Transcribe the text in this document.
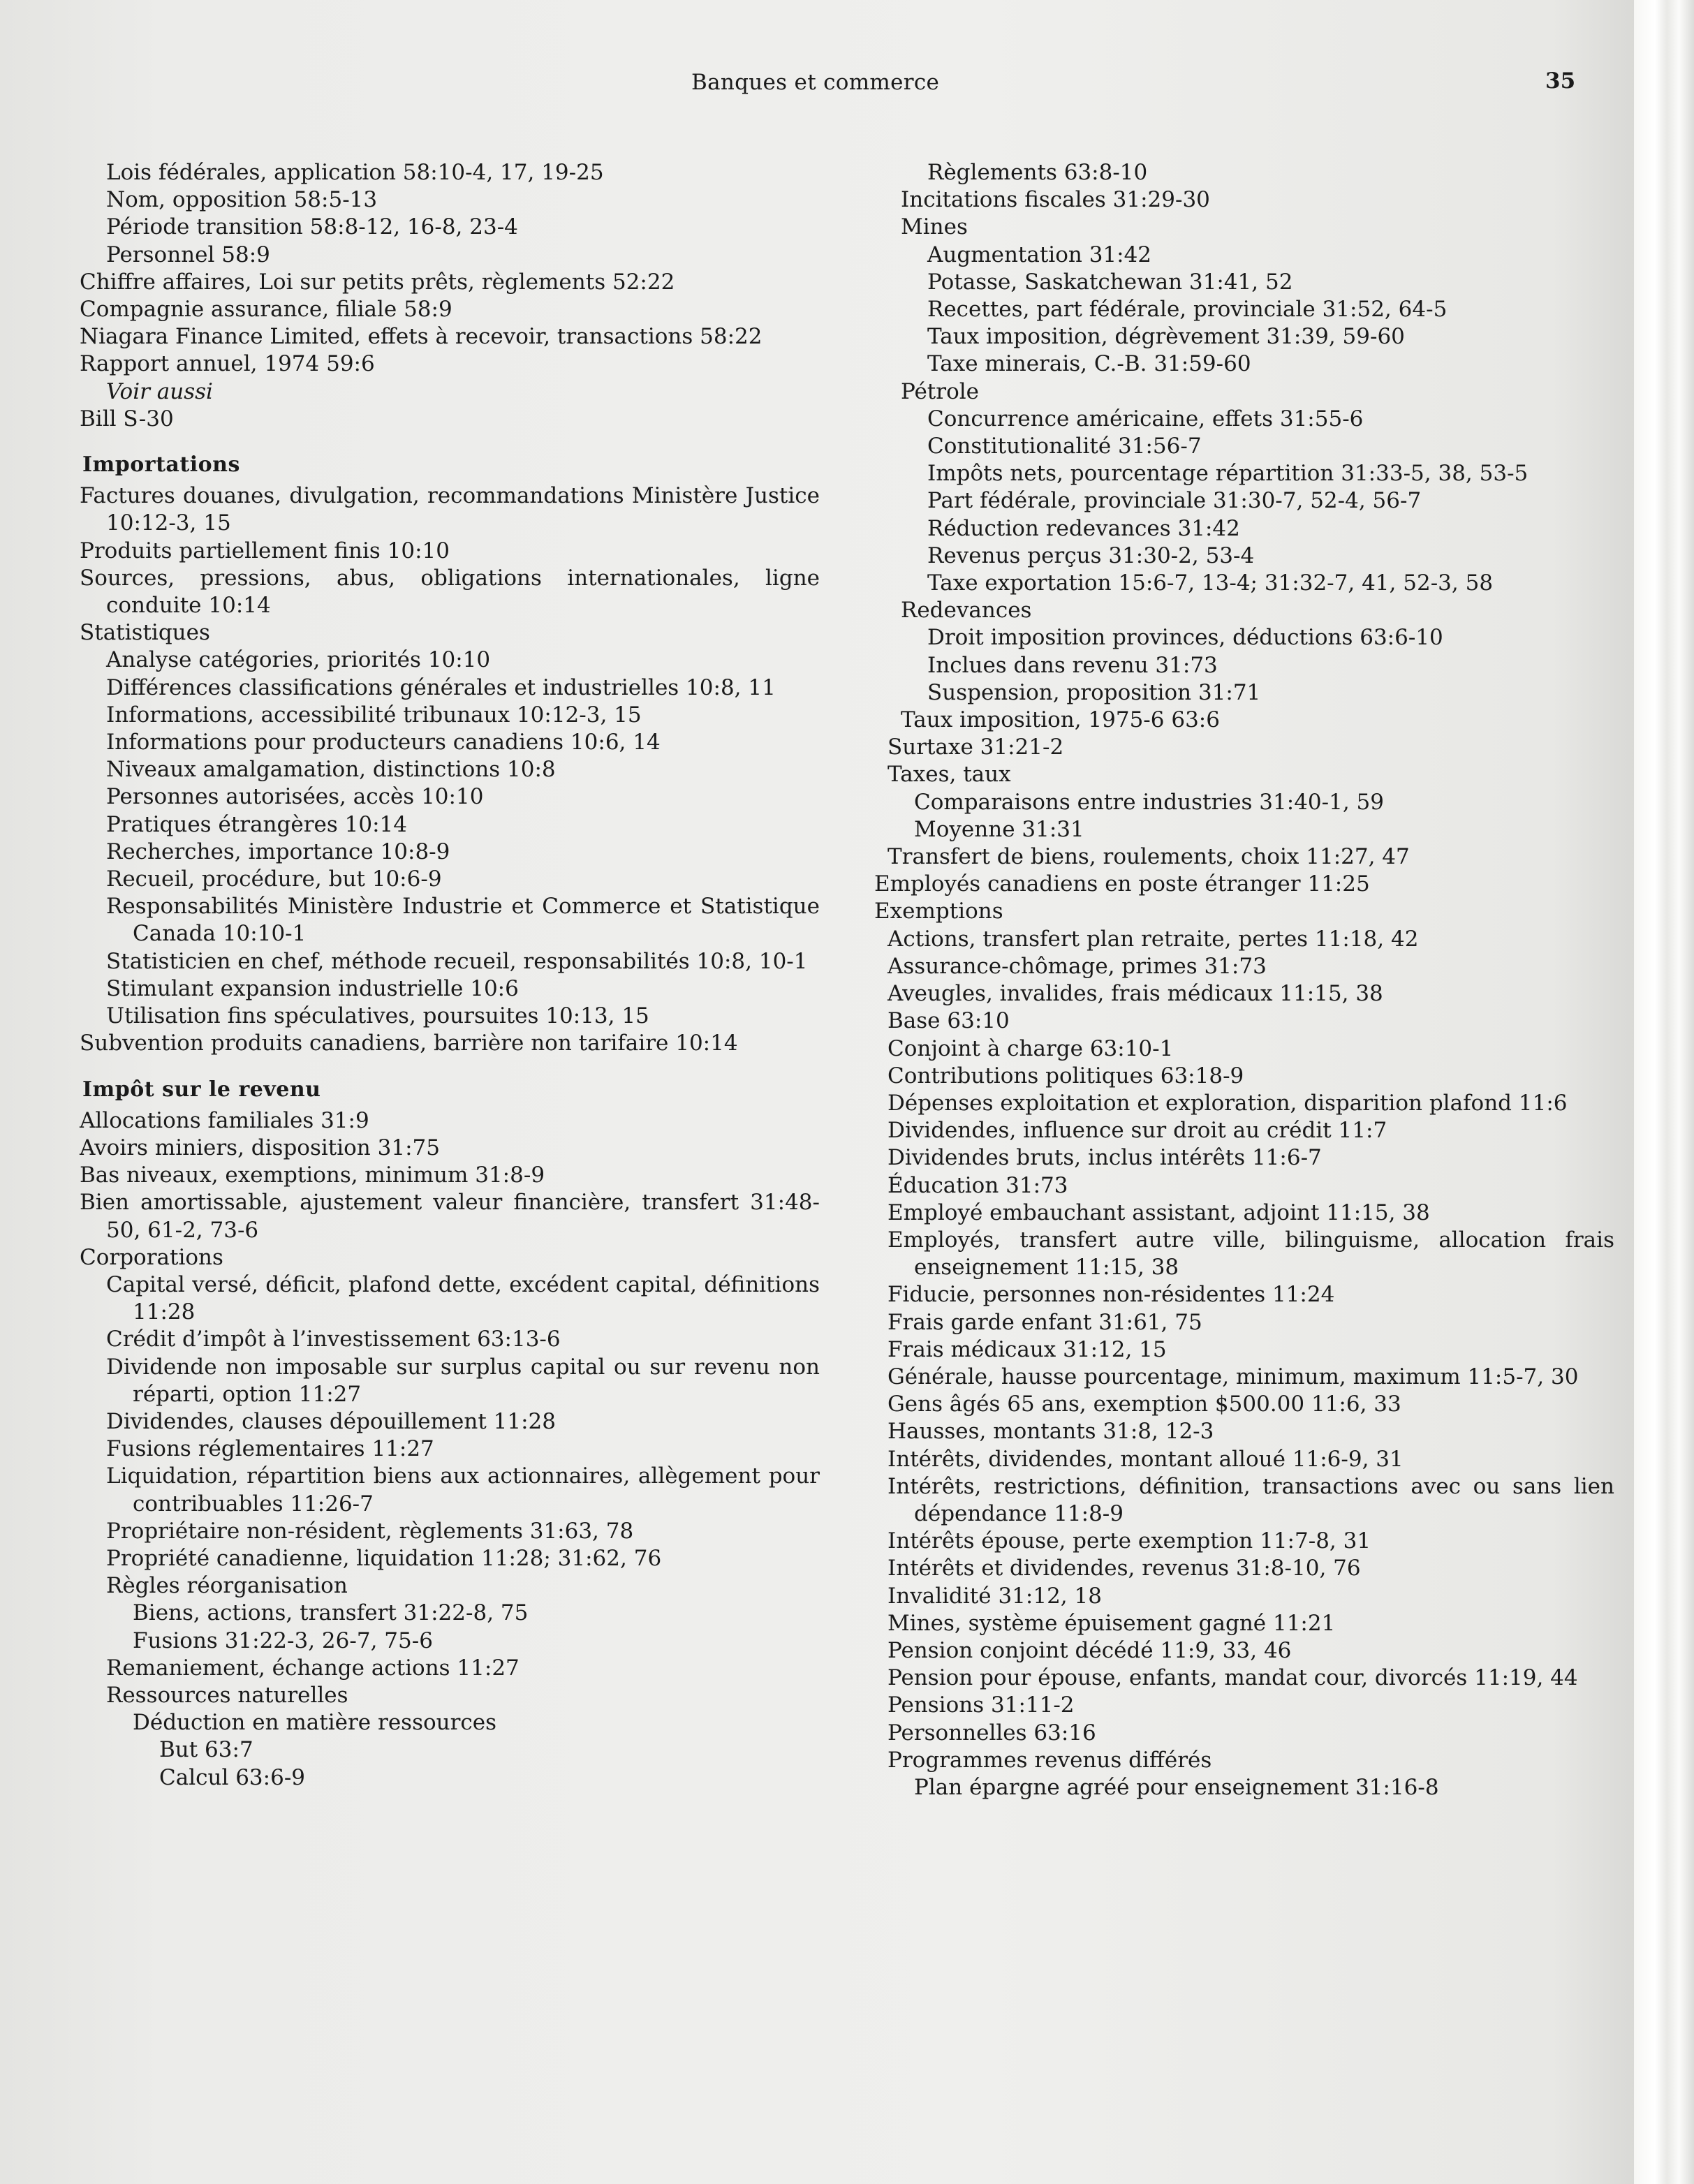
Banques et commerce	35
Lois fédérales, application 58:10-4, 17, 19-25
Nom, opposition 58:5-13
Période transition 58:8-12, 16-8, 23-4
Personnel 58:9
Chiffre affaires, Loi sur petits prêts, règlements 52:22
Compagnie assurance, filiale 58:9
Niagara Finance Limited, effets à recevoir, transactions 58:22
Rapport annuel, 1974 59:6
Voir aussi
Bill S-30
Importations
Factures douanes, divulgation, recommandations Ministère Justice 10:12-3, 15
Produits partiellement finis 10:10
Sources, pressions, abus, obligations internationales, ligne conduite 10:14
Statistiques
Analyse catégories, priorités 10:10
Différences classifications générales et industrielles 10:8, 11
Informations, accessibilité tribunaux 10:12-3, 15
Informations pour producteurs canadiens 10:6, 14
Niveaux amalgamation, distinctions 10:8
Personnes autorisées, accès 10:10
Pratiques étrangères 10:14
Recherches, importance 10:8-9
Recueil, procédure, but 10:6-9
Responsabilités Ministère Industrie et Commerce et Statistique Canada 10:10-1
Statisticien en chef, méthode recueil, responsabilités 10:8, 10-1
Stimulant expansion industrielle 10:6
Utilisation fins spéculatives, poursuites 10:13, 15
Subvention produits canadiens, barrière non tarifaire 10:14
Impôt sur le revenu
Allocations familiales 31:9
Avoirs miniers, disposition 31:75
Bas niveaux, exemptions, minimum 31:8-9
Bien amortissable, ajustement valeur financière, transfert 31:48-50, 61-2, 73-6
Corporations
Capital versé, déficit, plafond dette, excédent capital, définitions 11:28
Crédit d’impôt à l’investissement 63:13-6
Dividende non imposable sur surplus capital ou sur revenu non réparti, option 11:27
Dividendes, clauses dépouillement 11:28
Fusions réglementaires 11:27
Liquidation, répartition biens aux actionnaires, allègement pour contribuables 11:26-7
Propriétaire non-résident, règlements 31:63, 78
Propriété canadienne, liquidation 11:28; 31:62, 76
Règles réorganisation
Biens, actions, transfert 31:22-8, 75
Fusions 31:22-3, 26-7, 75-6
Remaniement, échange actions 11:27
Ressources naturelles
Déduction en matière ressources
But 63:7
Calcul 63:6-9
Règlements 63:8-10
Incitations fiscales 31:29-30
Mines
Augmentation 31:42
Potasse, Saskatchewan 31:41, 52
Recettes, part fédérale, provinciale 31:52, 64-5
Taux imposition, dégrèvement 31:39, 59-60
Taxe minerais, C.-B. 31:59-60
Pétrole
Concurrence américaine, effets 31:55-6
Constitutionalité 31:56-7
Impôts nets, pourcentage répartition 31:33-5, 38, 53-5
Part fédérale, provinciale 31:30-7, 52-4, 56-7
Réduction redevances 31:42
Revenus perçus 31:30-2, 53-4
Taxe exportation 15:6-7, 13-4; 31:32-7, 41, 52-3, 58
Redevances
Droit imposition provinces, déductions 63:6-10
Inclues dans revenu 31:73
Suspension, proposition 31:71
Taux imposition, 1975-6 63:6
Surtaxe 31:21-2
Taxes, taux
Comparaisons entre industries 31:40-1, 59
Moyenne 31:31
Transfert de biens, roulements, choix 11:27, 47
Employés canadiens en poste étranger 11:25
Exemptions
Actions, transfert plan retraite, pertes 11:18, 42
Assurance-chômage, primes 31:73
Aveugles, invalides, frais médicaux 11:15, 38
Base 63:10
Conjoint à charge 63:10-1
Contributions politiques 63:18-9
Dépenses exploitation et exploration, disparition plafond 11:6
Dividendes, influence sur droit au crédit 11:7
Dividendes bruts, inclus intérêts 11:6-7
Éducation 31:73
Employé embauchant assistant, adjoint 11:15, 38
Employés, transfert autre ville, bilinguisme, allocation frais enseignement 11:15, 38
Fiducie, personnes non-résidentes 11:24
Frais garde enfant 31:61, 75
Frais médicaux 31:12, 15
Générale, hausse pourcentage, minimum, maximum 11:5-7, 30
Gens âgés 65 ans, exemption $500.00 11:6, 33
Hausses, montants 31:8, 12-3
Intérêts, dividendes, montant alloué 11:6-9, 31
Intérêts, restrictions, définition, transactions avec ou sans lien dépendance 11:8-9
Intérêts épouse, perte exemption 11:7-8, 31
Intérêts et dividendes, revenus 31:8-10, 76
Invalidité 31:12, 18
Mines, système épuisement gagné 11:21
Pension conjoint décédé 11:9, 33, 46
Pension pour épouse, enfants, mandat cour, divorcés 11:19, 44
Pensions 31:11-2
Personnelles 63:16
Programmes revenus différés
Plan épargne agréé pour enseignement 31:16-8
